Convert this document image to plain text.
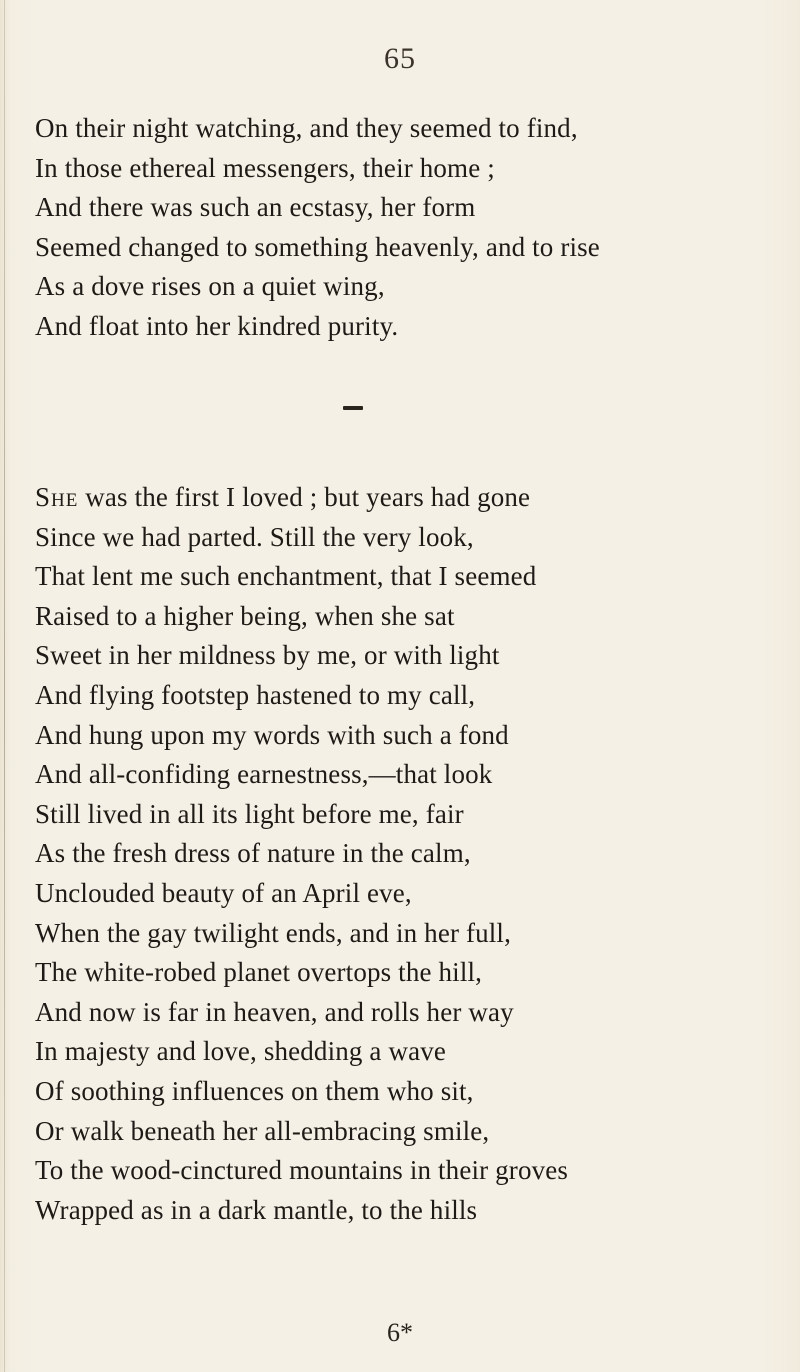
65
On their night watching, and they seemed to find,
In those ethereal messengers, their home ;
And there was such an ecstasy, her form
Seemed changed to something heavenly, and to rise
As a dove rises on a quiet wing,
And float into her kindred purity.
She was the first I loved ; but years had gone
Since we had parted. Still the very look,
That lent me such enchantment, that I seemed
Raised to a higher being, when she sat
Sweet in her mildness by me, or with light
And flying footstep hastened to my call,
And hung upon my words with such a fond
And all-confiding earnestness,—that look
Still lived in all its light before me, fair
As the fresh dress of nature in the calm,
Unclouded beauty of an April eve,
When the gay twilight ends, and in her full,
The white-robed planet overtops the hill,
And now is far in heaven, and rolls her way
In majesty and love, shedding a wave
Of soothing influences on them who sit,
Or walk beneath her all-embracing smile,
To the wood-cinctured mountains in their groves
Wrapped as in a dark mantle, to the hills
6*
